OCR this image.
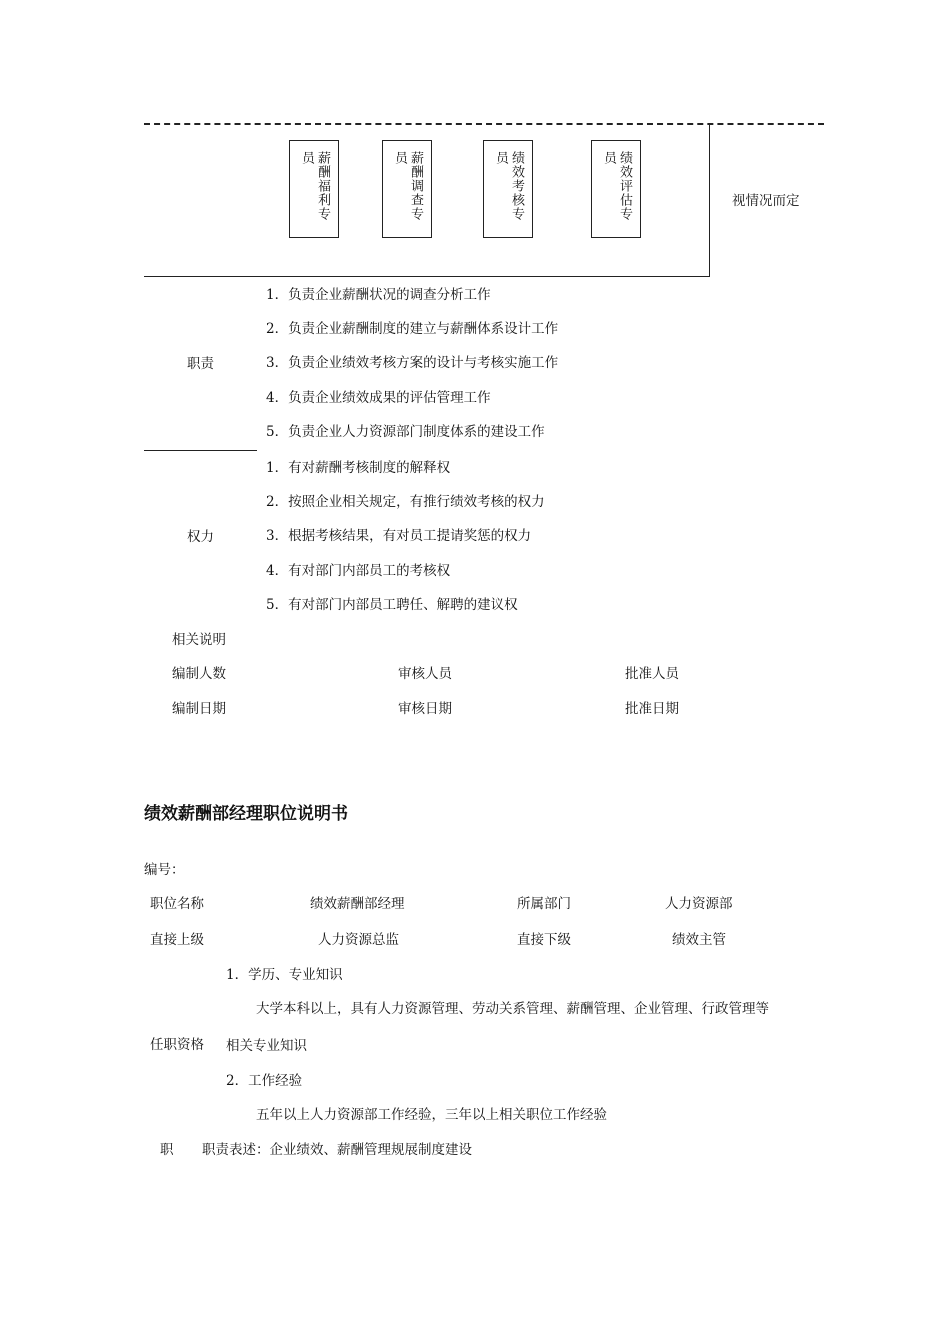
薪酬福利专
员	薪酬调查专
员	绩效考核专
员	绩效评估专
员
视情况而定
职责
1．负责企业薪酬状况的调查分析工作
2．负责企业薪酬制度的建立与薪酬体系设计工作
3．负责企业绩效考核方案的设计与考核实施工作
4．负责企业绩效成果的评估管理工作
5．负责企业人力资源部门制度体系的建设工作
权力
1．有对薪酬考核制度的解释权
2．按照企业相关规定，有推行绩效考核的权力
3．根据考核结果，有对员工提请奖惩的权力
4．有对部门内部员工的考核权
5．有对部门内部员工聘任、解聘的建议权
相关说明
编制人数	审核人员	批准人员
编制日期	审核日期	批准日期
绩效薪酬部经理职位说明书
编号：
职位名称	绩效薪酬部经理	所属部门	人力资源部
直接上级	人力资源总监	直接下级	绩效主管
任职资格
1．学历、专业知识
大学本科以上，具有人力资源管理、劳动关系管理、薪酬管理、企业管理、行政管理等
相关专业知识
2．工作经验
五年以上人力资源部工作经验，三年以上相关职位工作经验
职 职责表述：企业绩效、薪酬管理规展制度建设
